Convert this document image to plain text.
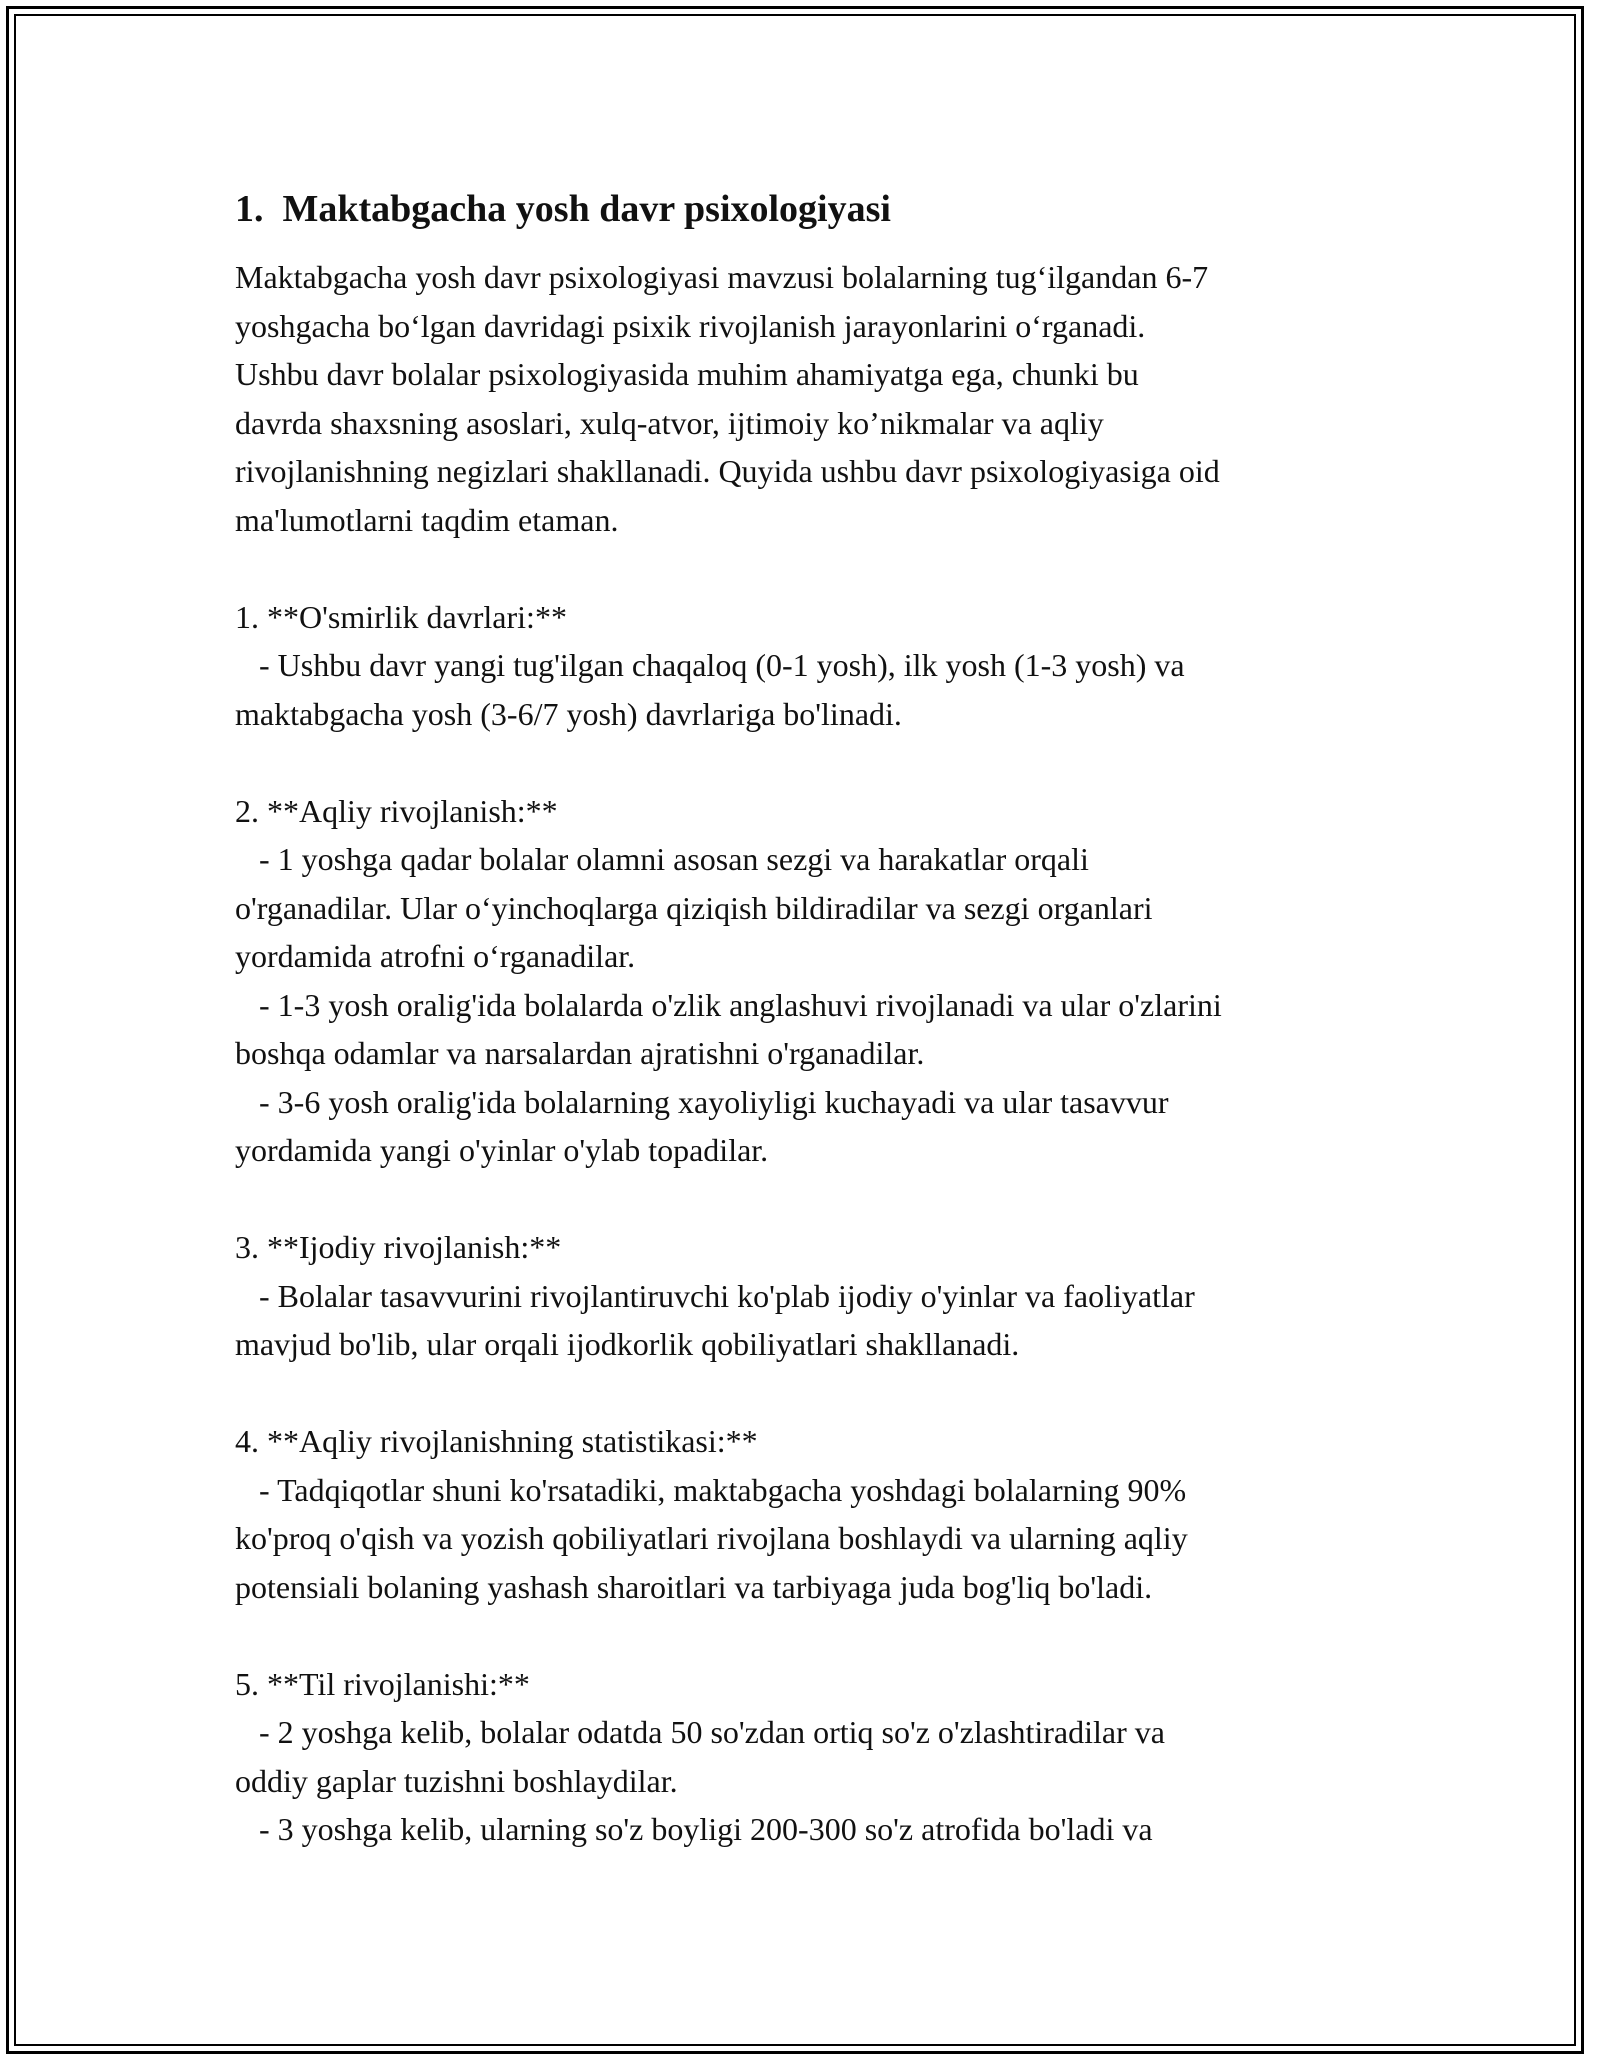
1.  Maktabgacha yosh davr psixologiyasi
Maktabgacha yosh davr psixologiyasi mavzusi bolalarning tug‘ilgandan 6-7
yoshgacha bo‘lgan davridagi psixik rivojlanish jarayonlarini o‘rganadi.
Ushbu davr bolalar psixologiyasida muhim ahamiyatga ega, chunki bu
davrda shaxsning asoslari, xulq-atvor, ijtimoiy ko’nikmalar va aqliy
rivojlanishning negizlari shakllanadi. Quyida ushbu davr psixologiyasiga oid
ma'lumotlarni taqdim etaman.
1. **O'smirlik davrlari:**
- Ushbu davr yangi tug'ilgan chaqaloq (0-1 yosh), ilk yosh (1-3 yosh) va
maktabgacha yosh (3-6/7 yosh) davrlariga bo'linadi.
2. **Aqliy rivojlanish:**
- 1 yoshga qadar bolalar olamni asosan sezgi va harakatlar orqali
o'rganadilar. Ular o‘yinchoqlarga qiziqish bildiradilar va sezgi organlari
yordamida atrofni o‘rganadilar.
- 1-3 yosh oralig'ida bolalarda o'zlik anglashuvi rivojlanadi va ular o'zlarini
boshqa odamlar va narsalardan ajratishni o'rganadilar.
- 3-6 yosh oralig'ida bolalarning xayoliyligi kuchayadi va ular tasavvur
yordamida yangi o'yinlar o'ylab topadilar.
3. **Ijodiy rivojlanish:**
- Bolalar tasavvurini rivojlantiruvchi ko'plab ijodiy o'yinlar va faoliyatlar
mavjud bo'lib, ular orqali ijodkorlik qobiliyatlari shakllanadi.
4. **Aqliy rivojlanishning statistikasi:**
- Tadqiqotlar shuni ko'rsatadiki, maktabgacha yoshdagi bolalarning 90%
ko'proq o'qish va yozish qobiliyatlari rivojlana boshlaydi va ularning aqliy
potensiali bolaning yashash sharoitlari va tarbiyaga juda bog'liq bo'ladi.
5. **Til rivojlanishi:**
- 2 yoshga kelib, bolalar odatda 50 so'zdan ortiq so'z o'zlashtiradilar va
oddiy gaplar tuzishni boshlaydilar.
- 3 yoshga kelib, ularning so'z boyligi 200-300 so'z atrofida bo'ladi va
